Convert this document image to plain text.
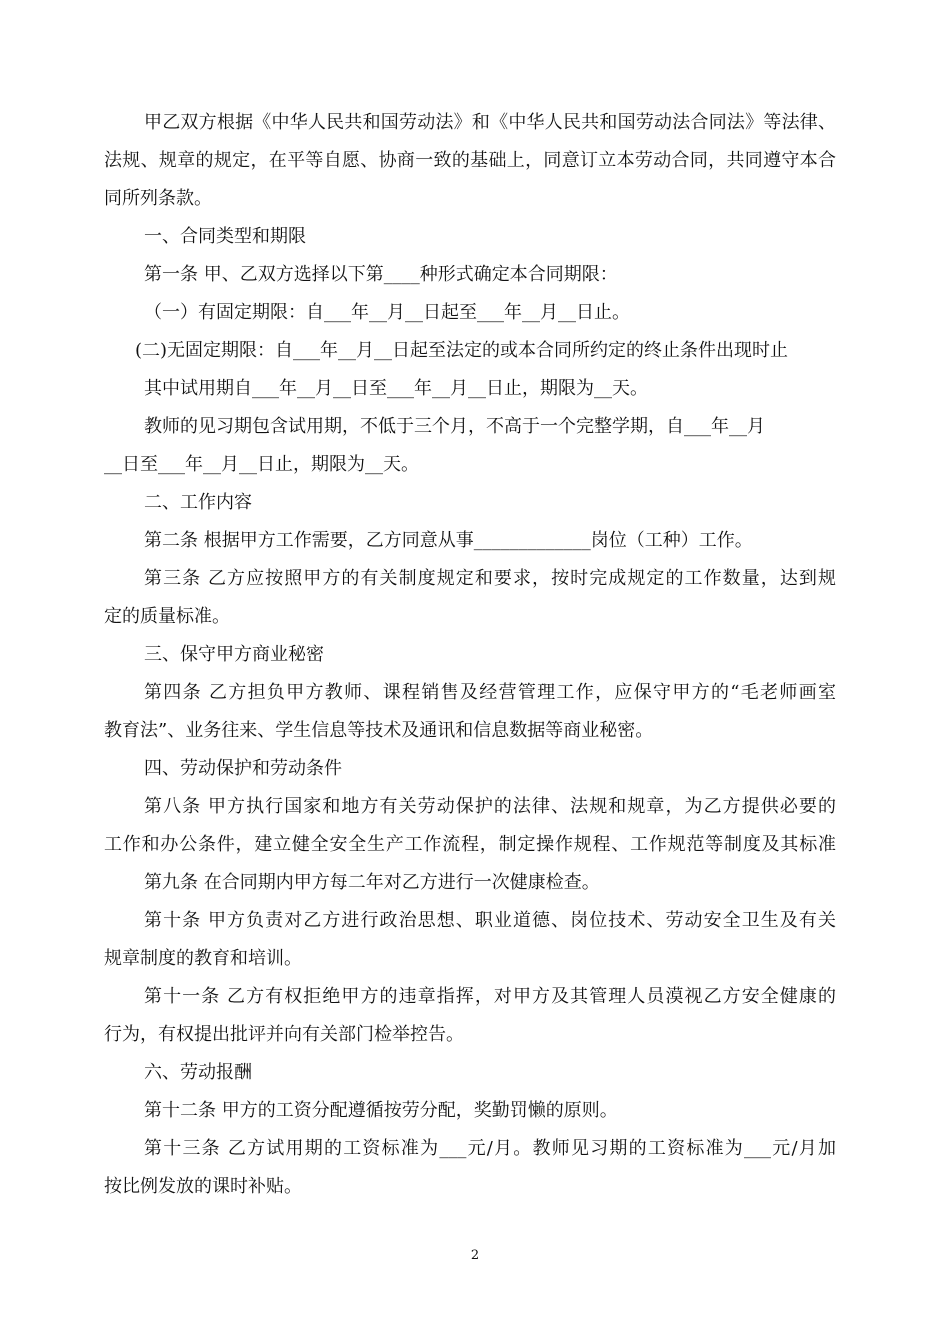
甲乙双方根据《中华人民共和国劳动法》和《中华人民共和国劳动法合同法》等法律、
法规、规章的规定，在平等自愿、协商一致的基础上，同意订立本劳动合同，共同遵守本合
同所列条款。
一、合同类型和期限
第一条 甲、乙双方选择以下第____种形式确定本合同期限：
（一）有固定期限：自___年__月__日起至___年__月__日止。
(二)无固定期限：自___年__月__日起至法定的或本合同所约定的终止条件出现时止
其中试用期自___年__月__日至___年__月__日止，期限为__天。
教师的见习期包含试用期，不低于三个月，不高于一个完整学期，自___年__月
__日至___年__月__日止，期限为__天。
二、工作内容
第二条 根据甲方工作需要，乙方同意从事_____________岗位（工种）工作。
第三条 乙方应按照甲方的有关制度规定和要求，按时完成规定的工作数量，达到规
定的质量标准。
三、保守甲方商业秘密
第四条 乙方担负甲方教师、课程销售及经营管理工作，应保守甲方的“毛老师画室
教育法”、业务往来、学生信息等技术及通讯和信息数据等商业秘密。
四、劳动保护和劳动条件
第八条 甲方执行国家和地方有关劳动保护的法律、法规和规章，为乙方提供必要的
工作和办公条件，建立健全安全生产工作流程，制定操作规程、工作规范等制度及其标准
第九条 在合同期内甲方每二年对乙方进行一次健康检查。
第十条 甲方负责对乙方进行政治思想、职业道德、岗位技术、劳动安全卫生及有关
规章制度的教育和培训。
第十一条 乙方有权拒绝甲方的违章指挥，对甲方及其管理人员漠视乙方安全健康的
行为，有权提出批评并向有关部门检举控告。
六、劳动报酬
第十二条 甲方的工资分配遵循按劳分配，奖勤罚懒的原则。
第十三条 乙方试用期的工资标准为___元/月。教师见习期的工资标准为___元/月加
按比例发放的课时补贴。
2
